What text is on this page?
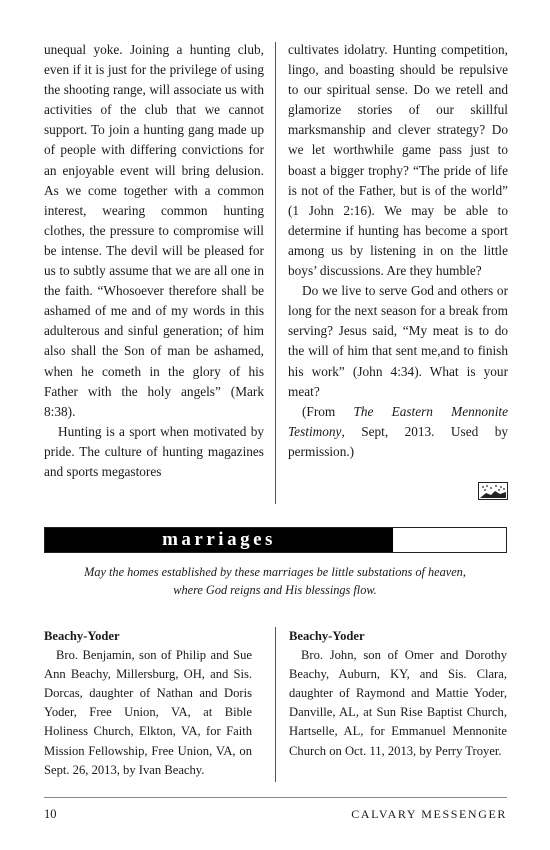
unequal yoke. Joining a hunting club, even if it is just for the privilege of using the shooting range, will associate us with activities of the club that we cannot support. To join a hunting gang made up of people with differing convictions for an enjoyable event will bring delusion. As we come together with a common interest, wearing common hunting clothes, the pressure to compromise will be intense. The devil will be pleased for us to subtly assume that we are all one in the faith. “Whosoever therefore shall be ashamed of me and of my words in this adulterous and sinful generation; of him also shall the Son of man be ashamed, when he cometh in the glory of his Father with the holy angels” (Mark 8:38).

Hunting is a sport when motivated by pride. The culture of hunting magazines and sports megastores

cultivates idolatry. Hunting competition, lingo, and boasting should be repulsive to our spiritual sense. Do we retell and glamorize stories of our skillful marksmanship and clever strategy? Do we let worthwhile game pass just to boast a bigger trophy? “The pride of life is not of the Father, but is of the world” (1 John 2:16). We may be able to determine if hunting has become a sport among us by listening in on the little boys’ discussions. Are they humble?

Do we live to serve God and others or long for the next season for a break from serving? Jesus said, “My meat is to do the will of him that sent me,and to finish his work” (John 4:34). What is your meat?

(From The Eastern Mennonite Testimony, Sept, 2013. Used by permission.)

marriages
May the homes established by these marriages be little substations of heaven,
where God reigns and His blessings flow.

Beachy-Yoder

Bro. Benjamin, son of Philip and Sue Ann Beachy, Millersburg, OH, and Sis. Dorcas, daughter of Nathan and Doris Yoder, Free Union, VA, at Bible Holiness Church, Elkton, VA, for Faith Mission Fellowship, Free Union, VA, on Sept. 26, 2013, by Ivan Beachy.

Beachy-Yoder

Bro. John, son of Omer and Dorothy Beachy, Auburn, KY, and Sis. Clara, daughter of Raymond and Mattie Yoder, Danville, AL, at Sun Rise Baptist Church, Hartselle, AL, for Emmanuel Mennonite Church on Oct. 11, 2013, by Perry Troyer.

10	CALVARY MESSENGER
